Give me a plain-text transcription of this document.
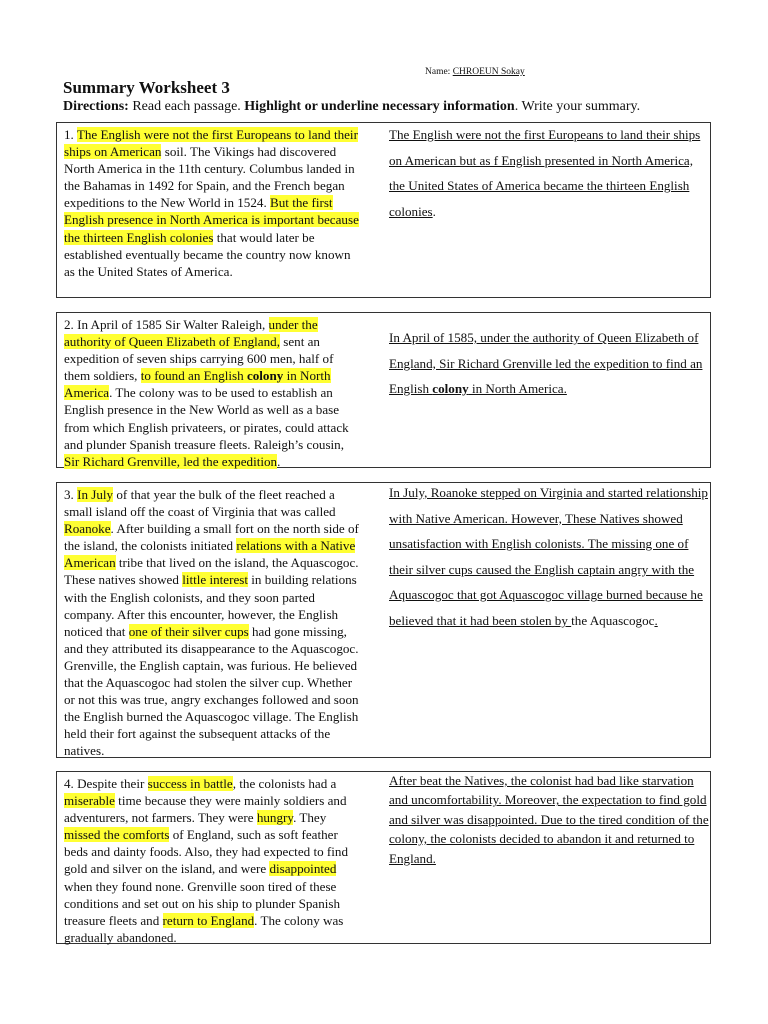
Name: CHROEUN Sokay
Summary Worksheet 3
Directions: Read each passage. Highlight or underline necessary information. Write your summary.
1. The English were not the first Europeans to land their ships on American soil. The Vikings had discovered North America in the 11th century. Columbus landed in the Bahamas in 1492 for Spain, and the French began expeditions to the New World in 1524. But the first English presence in North America is important because the thirteen English colonies that would later be established eventually became the country now known as the United States of America.
The English were not the first Europeans to land their ships on American but as f English presented in North America, the United States of America became the thirteen English colonies.
2. In April of 1585 Sir Walter Raleigh, under the authority of Queen Elizabeth of England, sent an expedition of seven ships carrying 600 men, half of them soldiers, to found an English colony in North America. The colony was to be used to establish an English presence in the New World as well as a base from which English privateers, or pirates, could attack and plunder Spanish treasure fleets. Raleigh’s cousin, Sir Richard Grenville, led the expedition.
In April of 1585, under the authority of Queen Elizabeth of England, Sir Richard Grenville led the expedition to find an English colony in North America.
3. In July of that year the bulk of the fleet reached a small island off the coast of Virginia that was called Roanoke. After building a small fort on the north side of the island, the colonists initiated relations with a Native American tribe that lived on the island, the Aquascogoc. These natives showed little interest in building relations with the English colonists, and they soon parted company. After this encounter, however, the English noticed that one of their silver cups had gone missing, and they attributed its disappearance to the Aquascogoc. Grenville, the English captain, was furious. He believed that the Aquascogoc had stolen the silver cup. Whether or not this was true, angry exchanges followed and soon the English burned the Aquascogoc village. The English held their fort against the subsequent attacks of the natives.
In July, Roanoke stepped on Virginia and started relationship with Native American. However, These Natives showed unsatisfaction with English colonists. The missing one of their silver cups caused the English captain angry with the Aquascogoc that got Aquascogoc village burned because he believed that it had been stolen by the Aquascogoc.
4. Despite their success in battle, the colonists had a miserable time because they were mainly soldiers and adventurers, not farmers. They were hungry. They missed the comforts of England, such as soft feather beds and dainty foods. Also, they had expected to find gold and silver on the island, and were disappointed when they found none. Grenville soon tired of these conditions and set out on his ship to plunder Spanish treasure fleets and return to England. The colony was gradually abandoned.
After beat the Natives, the colonist had bad like starvation and uncomfortability. Moreover, the expectation to find gold and silver was disappointed. Due to the tired condition of the colony, the colonists decided to abandon it and returned to England.
